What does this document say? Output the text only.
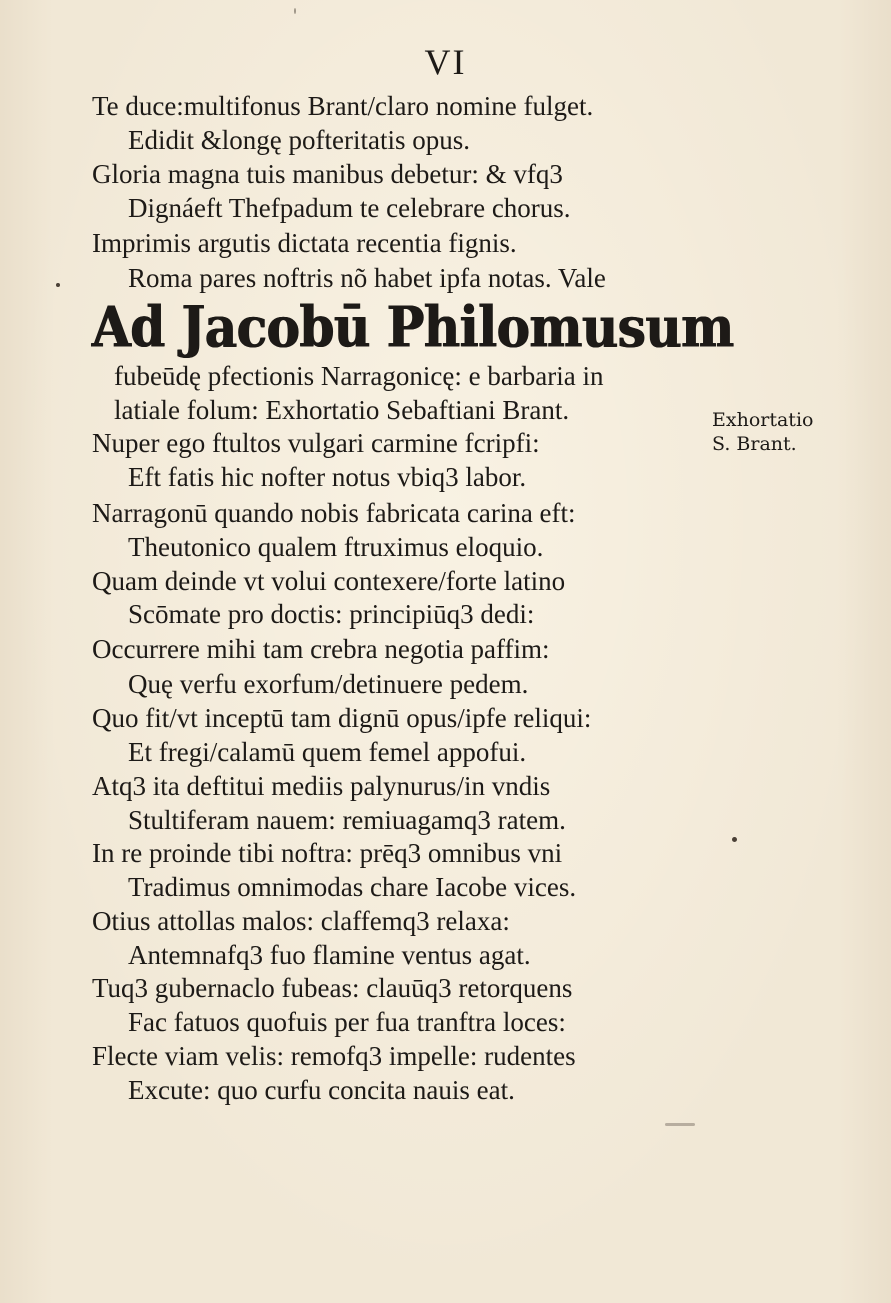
VI
Te duce:multifonus Brant/claro nomine fulget.
Edidit &longę pofteritatis opus.
Gloria magna tuis manibus debetur: & vfq3
Dignáeft Thefpadum te celebrare chorus.
Imprimis argutis dictata recentia fignis.
Roma pares noftris nõ habet ipfa notas. Vale
Ad Jacobū Philomusum
fubeūdę pfectionis Narragonicę: e barbaria in
latiale folum: Exhortatio Sebaftiani Brant.
Nuper ego ftultos vulgari carmine fcripfi:
Eft fatis hic nofter notus vbiq3 labor.
Narragonū quando nobis fabricata carina eft:
Theutonico qualem ftruximus eloquio.
Quam deinde vt volui contexere/forte latino
Scōmate pro doctis: principiūq3 dedi:
Occurrere mihi tam crebra negotia paffim:
Quę verfu exorfum/detinuere pedem.
Quo fit/vt inceptū tam dignū opus/ipfe reliqui:
Et fregi/calamū quem femel appofui.
Atq3 ita deftitui mediis palynurus/in vndis
Stultiferam nauem: remiuagamq3 ratem.
In re proinde tibi noftra: prēq3 omnibus vni
Tradimus omnimodas chare Iacobe vices.
Otius attollas malos: claffemq3 relaxa:
Antemnafq3 fuo flamine ventus agat.
Tuq3 gubernaclo fubeas: clauūq3 retorquens
Fac fatuos quofuis per fua tranftra loces:
Flecte viam velis: remofq3 impelle: rudentes
Excute: quo curfu concita nauis eat.
Exhortatio
S. Brant.
